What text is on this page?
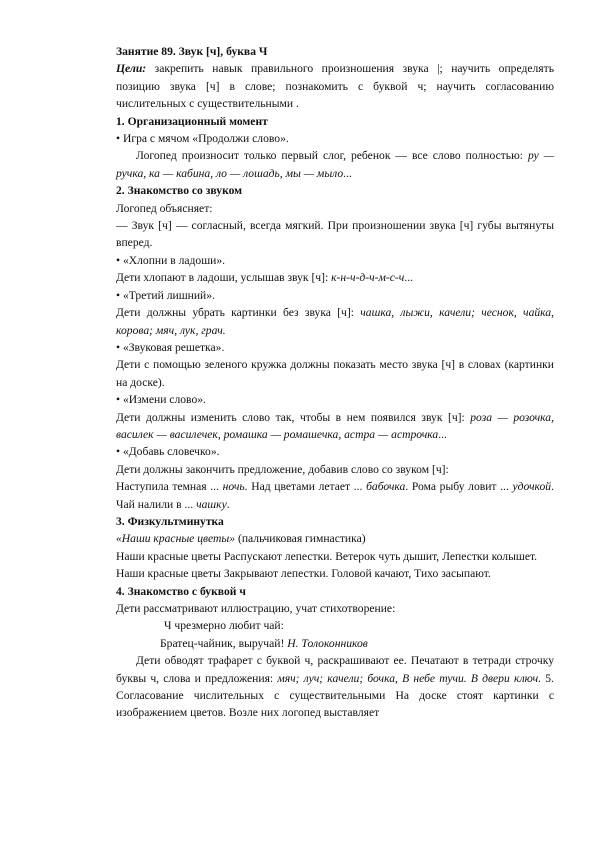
Занятие 89. Звук [ч], буква Ч

Цели: закрепить навык правильного произношения звука |; научить определять позицию звука [ч] в слове; познакомить с буквой ч; научить согласованию числительных с существительными .

1. Организационный момент

• Игра с мячом «Продолжи слово».

Логопед произносит только первый слог, ребенок — все слово полностью: ру — ручка, ка — кабина, ло — лошадь, мы — мыло...

2. Знакомство со звуком

Логопед объясняет:

— Звук [ч] — согласный, всегда мягкий. При произношении звука [ч] губы вытянуты вперед.

• «Хлопни в ладоши».

Дети хлопают в ладоши, услышав звук [ч]: к-н-ч-д-ч-м-с-ч...

• «Третий лишний».

Дети должны убрать картинки без звука [ч]: чашка, лыжи, качели; чеснок, чайка, корова; мяч, лук, грач.

• «Звуковая решетка».

Дети с помощью зеленого кружка должны показать место звука [ч] в словах (картинки на доске).

• «Измени слово».

Дети должны изменить слово так, чтобы в нем появился звук [ч]: роза — розочка, василек — василечек, ромашка — ромашечка, астра — астрочка...

• «Добавь словечко».

Дети должны закончить предложение, добавив слово со звуком [ч]:

Наступила темная ... ночь. Над цветами летает ... бабочка. Рома рыбу ловит ... удочкой. Чай налили в ... чашку.

3. Физкультминутка

«Наши красные цветы» (пальчиковая гимнастика)

Наши красные цветы Распускают лепестки. Ветерок чуть дышит, Лепестки колышет.

Наши красные цветы Закрывают лепестки. Головой качают, Тихо засыпают.

4. Знакомство с буквой ч

Дети рассматривают иллюстрацию, учат стихотворение:

Ч чрезмерно любит чай:

Братец-чайник, выручай! Н. Толоконников

Дети обводят трафарет с буквой ч, раскрашивают ее. Печатают в тетради строчку буквы ч, слова и предложения: мяч; луч; качели; бочка, В небе тучи. В двери ключ. 5. Согласование числительных с существительными На доске стоят картинки с изображением цветов. Возле них логопед выставляет
